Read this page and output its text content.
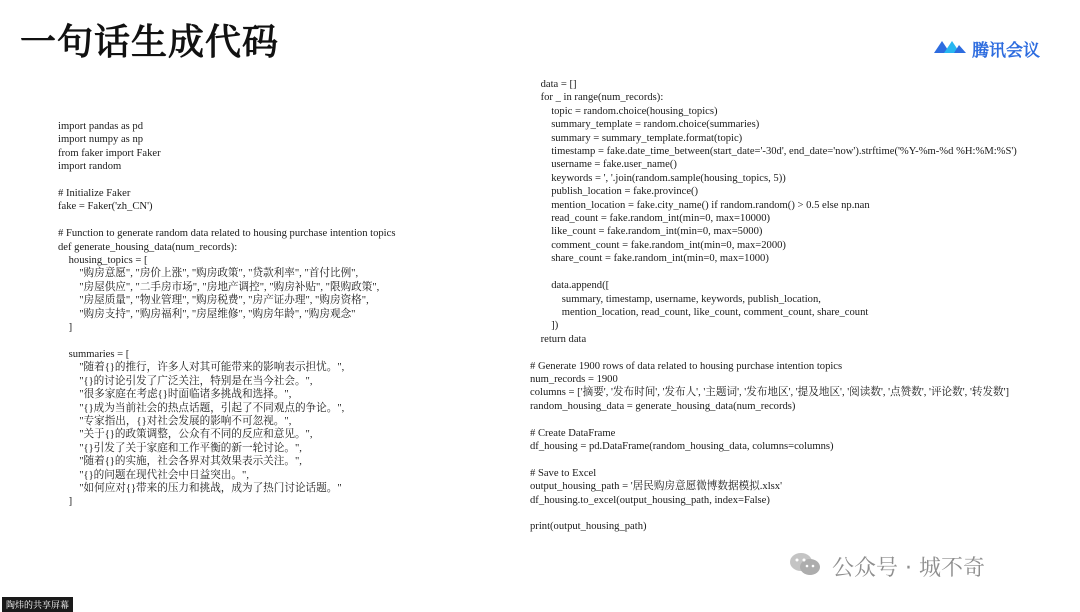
一句话生成代码	腾讯会议
import pandas as pd
import numpy as np
from faker import Faker
import random

# Initialize Faker
fake = Faker('zh_CN')

# Function to generate random data related to housing purchase intention topics
def generate_housing_data(num_records):
housing_topics = [
"购房意愿", "房价上涨", "购房政策", "贷款利率", "首付比例",
"房屋供应", "二手房市场", "房地产调控", "购房补贴", "限购政策",
"房屋质量", "物业管理", "购房税费", "房产证办理", "购房资格",
"购房支持", "购房福利", "房屋维修", "购房年龄", "购房观念"
]

summaries = [
"随着{}的推行，许多人对其可能带来的影响表示担忧。",
"{}的讨论引发了广泛关注，特别是在当今社会。",
"很多家庭在考虑{}时面临诸多挑战和选择。",
"{}成为当前社会的热点话题，引起了不同观点的争论。",
"专家指出，{}对社会发展的影响不可忽视。",
"关于{}的政策调整，公众有不同的反应和意见。",
"{}引发了关于家庭和工作平衡的新一轮讨论。",
"随着{}的实施，社会各界对其效果表示关注。",
"{}的问题在现代社会中日益突出。",
"如何应对{}带来的压力和挑战，成为了热门讨论话题。"
]
data = []
for _ in range(num_records):
topic = random.choice(housing_topics)
summary_template = random.choice(summaries)
summary = summary_template.format(topic)
timestamp = fake.date_time_between(start_date='-30d', end_date='now').strftime('%Y-%m-%d %H:%M:%S')
username = fake.user_name()
keywords = ', '.join(random.sample(housing_topics, 5))
publish_location = fake.province()
mention_location = fake.city_name() if random.random() > 0.5 else np.nan
read_count = fake.random_int(min=0, max=10000)
like_count = fake.random_int(min=0, max=5000)
comment_count = fake.random_int(min=0, max=2000)
share_count = fake.random_int(min=0, max=1000)

data.append([
summary, timestamp, username, keywords, publish_location,
mention_location, read_count, like_count, comment_count, share_count
])
return data

# Generate 1900 rows of data related to housing purchase intention topics
num_records = 1900
columns = ['摘要', '发布时间', '发布人', '主题词', '发布地区', '提及地区', '阅读数', '点赞数', '评论数', '转发数']
random_housing_data = generate_housing_data(num_records)

# Create DataFrame
df_housing = pd.DataFrame(random_housing_data, columns=columns)

# Save to Excel
output_housing_path = '居民购房意愿微博数据模拟.xlsx'
df_housing.to_excel(output_housing_path, index=False)

print(output_housing_path)
公众号 · 城不奇
陶炜的共享屏幕
